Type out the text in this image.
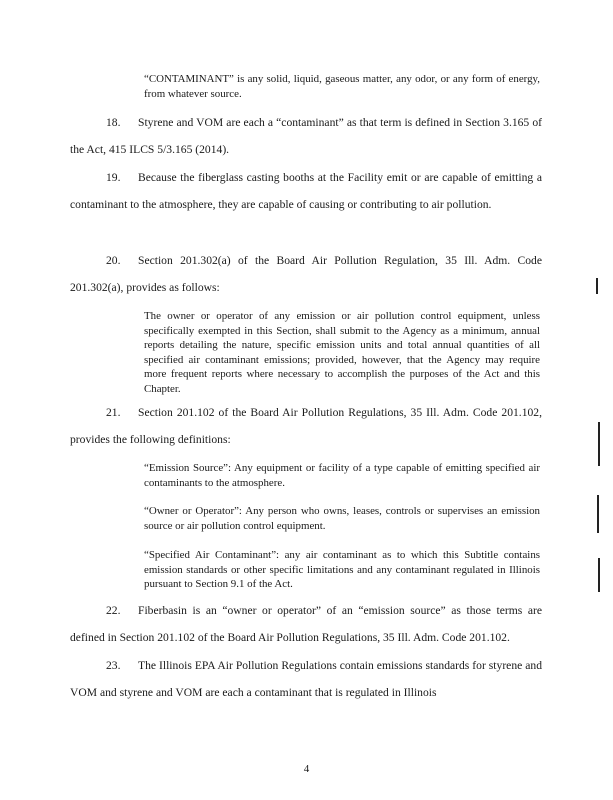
“CONTAMINANT” is any solid, liquid, gaseous matter, any odor, or any form of energy, from whatever source.

18. Styrene and VOM are each a “contaminant” as that term is defined in Section 3.165 of the Act, 415 ILCS 5/3.165 (2014).

19. Because the fiberglass casting booths at the Facility emit or are capable of emitting a contaminant to the atmosphere, they are capable of causing or contributing to air pollution.

20. Section 201.302(a) of the Board Air Pollution Regulation, 35 Ill. Adm. Code 201.302(a), provides as follows:

The owner or operator of any emission or air pollution control equipment, unless specifically exempted in this Section, shall submit to the Agency as a minimum, annual reports detailing the nature, specific emission units and total annual quantities of all specified air contaminant emissions; provided, however, that the Agency may require more frequent reports where necessary to accomplish the purposes of the Act and this Chapter.

21. Section 201.102 of the Board Air Pollution Regulations, 35 Ill. Adm. Code 201.102, provides the following definitions:

“Emission Source”: Any equipment or facility of a type capable of emitting specified air contaminants to the atmosphere.

“Owner or Operator”: Any person who owns, leases, controls or supervises an emission source or air pollution control equipment.

“Specified Air Contaminant”: any air contaminant as to which this Subtitle contains emission standards or other specific limitations and any contaminant regulated in Illinois pursuant to Section 9.1 of the Act.

22. Fiberbasin is an “owner or operator” of an “emission source” as those terms are defined in Section 201.102 of the Board Air Pollution Regulations, 35 Ill. Adm. Code 201.102.

23. The Illinois EPA Air Pollution Regulations contain emissions standards for styrene and VOM and styrene and VOM are each a contaminant that is regulated in Illinois

4
